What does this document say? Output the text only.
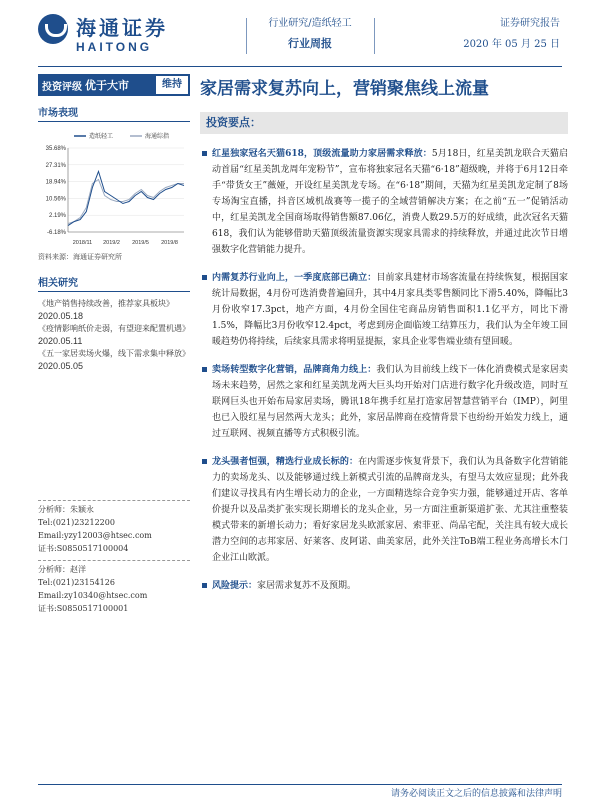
海通证券
HAITONG
行业研究/造纸轻工
行业周报
证券研究报告
2020 年 05 月 25 日
投资评级 优于大市	维持	家居需求复苏向上，营销聚焦线上流量
市场表现
35.68%
27.31%
18.94%
10.56%
2.19%
-6.18%
2018/11 2019/2 2019/5 2019/8
造纸轻工	海通综指
资料来源：海通证券研究所
相关研究
《地产销售持续改善，推荐家具板块》
2020.05.18
《疫情影响纸价走弱，有望迎来配置机遇》
2020.05.11
《五一家居卖场火爆，线下需求集中释放》
2020.05.05
分析师：朱颖永
Tel:(021)23212200
Email:yzy12003@htsec.com
证书:S0850517100004
分析师：赵洋
Tel:(021)23154126
Email:zy10340@htsec.com
证书:S0850517100001
投资要点：
红星独家冠名天猫618，顶级流量助力家居需求释放：5月18日，红星美凯龙联合天猫启动首届“红星美凯龙周年宠粉节”，宣布将独家冠名天猫“6·18”超级晚，并将于6月12日牵手“带货女王”薇娅，开设红星美凯龙专场。在“6·18”期间，天猫为红星美凯龙定制了8场专场淘宝直播，抖音区域机战赛等一揽子的全域营销解决方案；在之前“五一”促销活动中，红星美凯龙全国商场取得销售额87.06亿，消费人数29.5万的好成绩，此次冠名天猫618，我们认为能够借助天猫顶级流量资源实现家具需求的持续释放，并通过此次节日增强数字化营销能力提升。
内需复苏行业向上，一季度底部已确立：目前家具建材市场客流量在持续恢复，根据国家统计局数据，4月份可选消费普遍回升，其中4月家具类零售额同比下滑5.40%，降幅比3月份收窄17.3pct，地产方面，4月份全国住宅商品房销售面积1.1亿平方，同比下滑1.5%，降幅比3月份收窄12.4pct，考虑到房企面临竣工结算压力，我们认为全年竣工回暖趋势仍将持续，后续家具需求将明显提振，家具企业零售端业绩有望回暖。
卖场转型数字化营销，品牌商角力线上：我们认为目前线上线下一体化消费模式是家居卖场未来趋势，居然之家和红星美凯龙两大巨头均开始对门店进行数字化升级改造，同时互联网巨头也开始布局家居卖场，腾讯18年携手红星打造家居智慧营销平台（IMP），阿里也已入股红星与居然两大龙头；此外，家居品牌商在疫情背景下也纷纷开始发力线上，通过互联网、视频直播等方式积极引流。
龙头强者恒强，精选行业成长标的：在内需逐步恢复背景下，我们认为具备数字化营销能力的卖场龙头、以及能够通过线上新模式引流的品牌商龙头，有望马太效应显现；此外我们建议寻找具有内生增长动力的企业，一方面精选综合竞争实力强，能够通过开店、客单价提升以及品类扩张实现长期增长的龙头企业，另一方面注重新渠道扩张、尤其注重整装模式带来的新增长动力；看好家居龙头欧派家居、索菲亚、尚品宅配，关注具有较大成长潜力空间的志邦家居、好莱客、皮阿诺、曲美家居，此外关注ToB端工程业务高增长木门企业江山欧派。
风险提示：家居需求复苏不及预期。
请务必阅读正文之后的信息披露和法律声明
